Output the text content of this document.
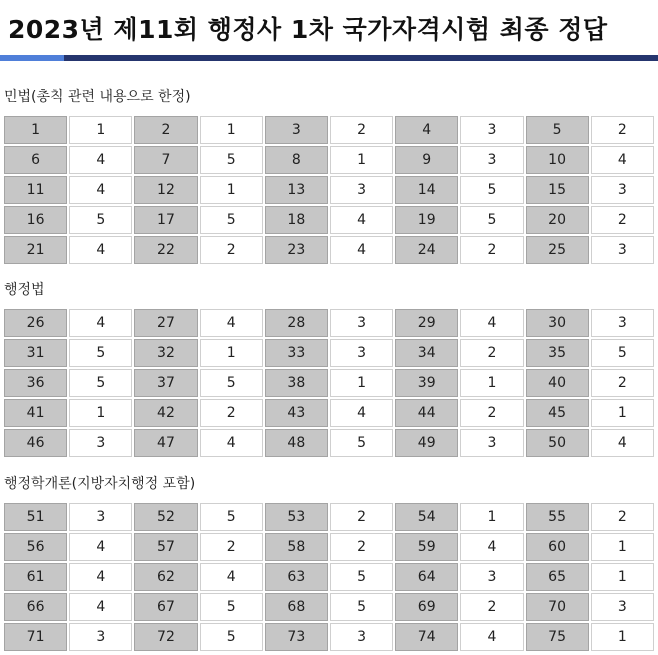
2023년 제11회 행정사 1차 국가자격시험 최종 정답
민법(총칙 관련 내용으로 한정)
1	1	2	1	3	2	4	3	5	2
6	4	7	5	8	1	9	3	10	4
11	4	12	1	13	3	14	5	15	3
16	5	17	5	18	4	19	5	20	2
21	4	22	2	23	4	24	2	25	3
행정법
26	4	27	4	28	3	29	4	30	3
31	5	32	1	33	3	34	2	35	5
36	5	37	5	38	1	39	1	40	2
41	1	42	2	43	4	44	2	45	1
46	3	47	4	48	5	49	3	50	4
행정학개론(지방자치행정 포함)
51	3	52	5	53	2	54	1	55	2
56	4	57	2	58	2	59	4	60	1
61	4	62	4	63	5	64	3	65	1
66	4	67	5	68	5	69	2	70	3
71	3	72	5	73	3	74	4	75	1
